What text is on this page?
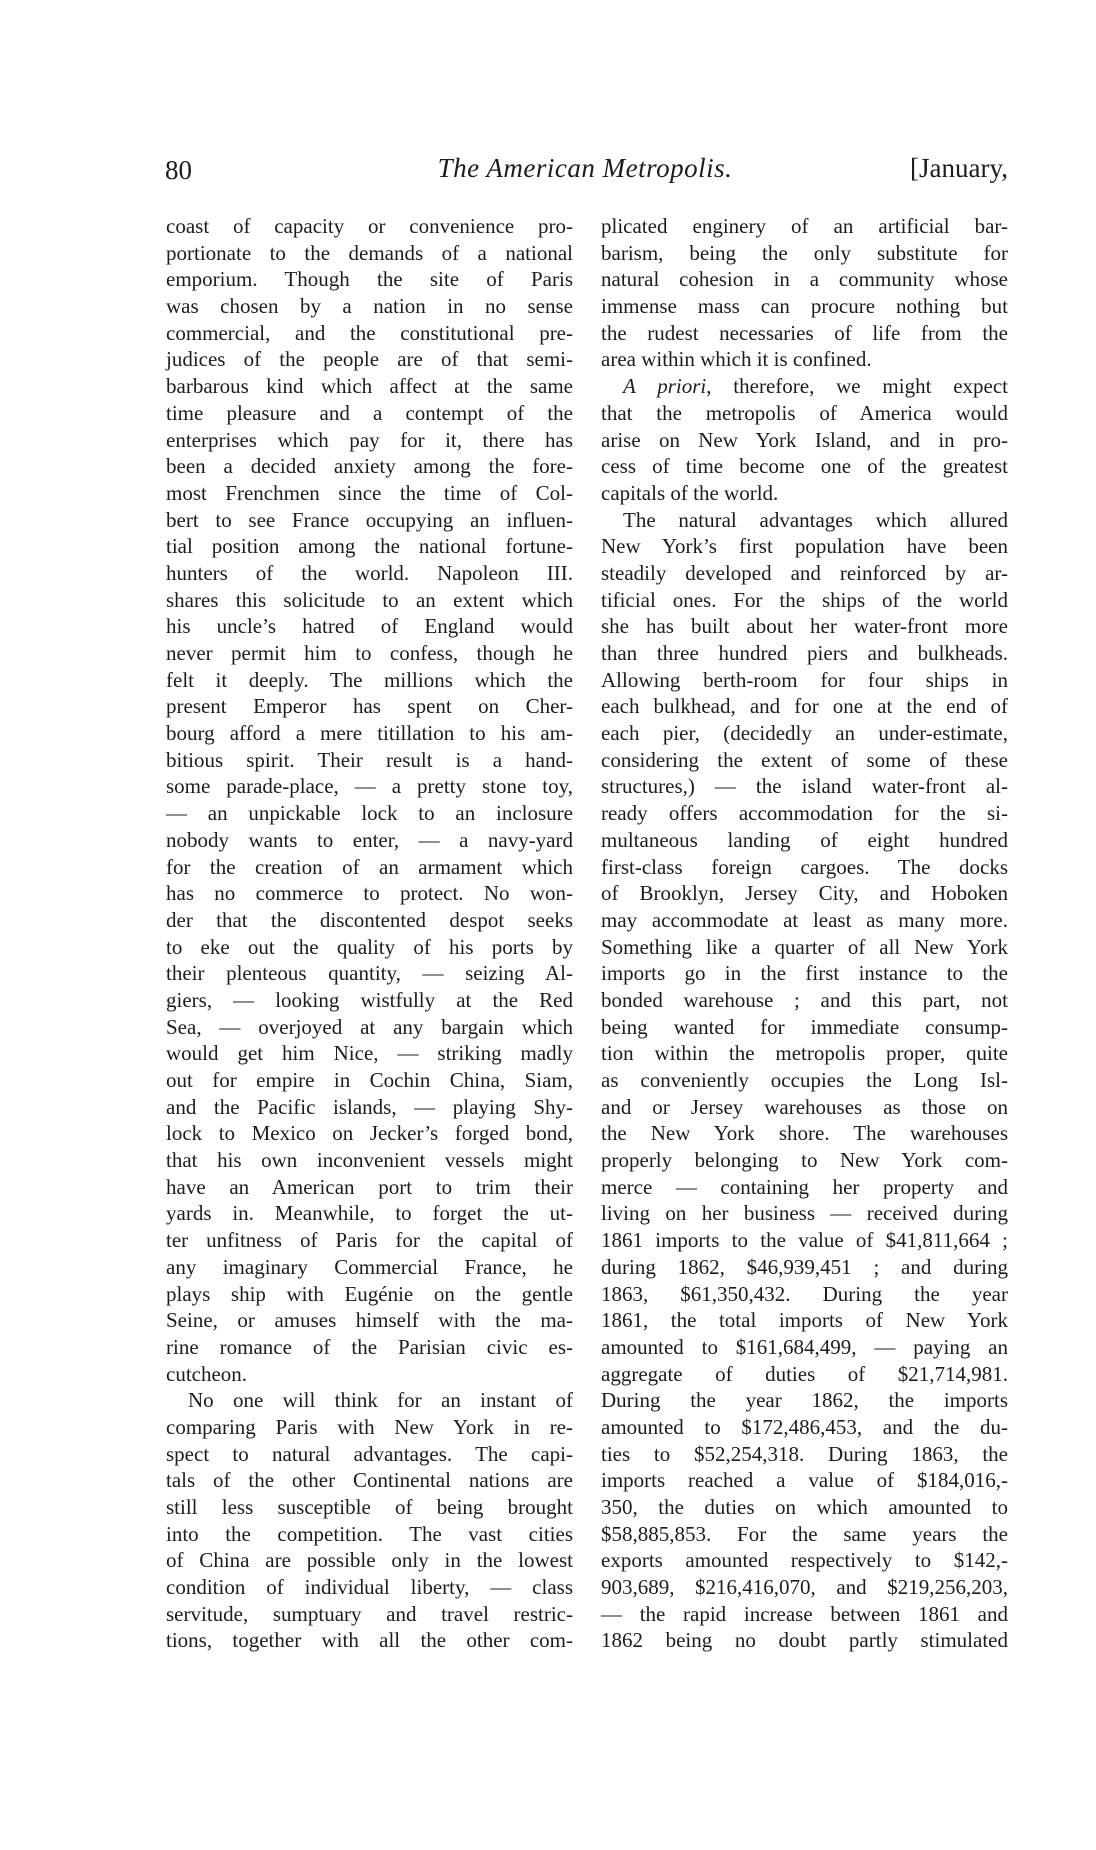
80	The American Metropolis.	[January,
coast of capacity or convenience pro-
portionate to the demands of a national
emporium. Though the site of Paris
was chosen by a nation in no sense
commercial, and the constitutional pre-
judices of the people are of that semi-
barbarous kind which affect at the same
time pleasure and a contempt of the
enterprises which pay for it, there has
been a decided anxiety among the fore-
most Frenchmen since the time of Col-
bert to see France occupying an influen-
tial position among the national fortune-
hunters of the world. Napoleon III.
shares this solicitude to an extent which
his uncle’s hatred of England would
never permit him to confess, though he
felt it deeply. The millions which the
present Emperor has spent on Cher-
bourg afford a mere titillation to his am-
bitious spirit. Their result is a hand-
some parade-place, — a pretty stone toy,
— an unpickable lock to an inclosure
nobody wants to enter, — a navy-yard
for the creation of an armament which
has no commerce to protect. No won-
der that the discontented despot seeks
to eke out the quality of his ports by
their plenteous quantity, — seizing Al-
giers, — looking wistfully at the Red
Sea, — overjoyed at any bargain which
would get him Nice, — striking madly
out for empire in Cochin China, Siam,
and the Pacific islands, — playing Shy-
lock to Mexico on Jecker’s forged bond,
that his own inconvenient vessels might
have an American port to trim their
yards in. Meanwhile, to forget the ut-
ter unfitness of Paris for the capital of
any imaginary Commercial France, he
plays ship with Eugénie on the gentle
Seine, or amuses himself with the ma-
rine romance of the Parisian civic es-
cutcheon.
No one will think for an instant of
comparing Paris with New York in re-
spect to natural advantages. The capi-
tals of the other Continental nations are
still less susceptible of being brought
into the competition. The vast cities
of China are possible only in the lowest
condition of individual liberty, — class
servitude, sumptuary and travel restric-
tions, together with all the other com-
plicated enginery of an artificial bar-
barism, being the only substitute for
natural cohesion in a community whose
immense mass can procure nothing but
the rudest necessaries of life from the
area within which it is confined.
A priori, therefore, we might expect
that the metropolis of America would
arise on New York Island, and in pro-
cess of time become one of the greatest
capitals of the world.
The natural advantages which allured
New York’s first population have been
steadily developed and reinforced by ar-
tificial ones. For the ships of the world
she has built about her water-front more
than three hundred piers and bulkheads.
Allowing berth-room for four ships in
each bulkhead, and for one at the end of
each pier, (decidedly an under-estimate,
considering the extent of some of these
structures,) — the island water-front al-
ready offers accommodation for the si-
multaneous landing of eight hundred
first-class foreign cargoes. The docks
of Brooklyn, Jersey City, and Hoboken
may accommodate at least as many more.
Something like a quarter of all New York
imports go in the first instance to the
bonded warehouse ; and this part, not
being wanted for immediate consump-
tion within the metropolis proper, quite
as conveniently occupies the Long Isl-
and or Jersey warehouses as those on
the New York shore. The warehouses
properly belonging to New York com-
merce — containing her property and
living on her business — received during
1861 imports to the value of $41,811,664 ;
during 1862, $46,939,451 ; and during
1863, $61,350,432. During the year
1861, the total imports of New York
amounted to $161,684,499, — paying an
aggregate of duties of $21,714,981.
During the year 1862, the imports
amounted to $172,486,453, and the du-
ties to $52,254,318. During 1863, the
imports reached a value of $184,016,-
350, the duties on which amounted to
$58,885,853. For the same years the
exports amounted respectively to $142,-
903,689, $216,416,070, and $219,256,203,
— the rapid increase between 1861 and
1862 being no doubt partly stimulated
